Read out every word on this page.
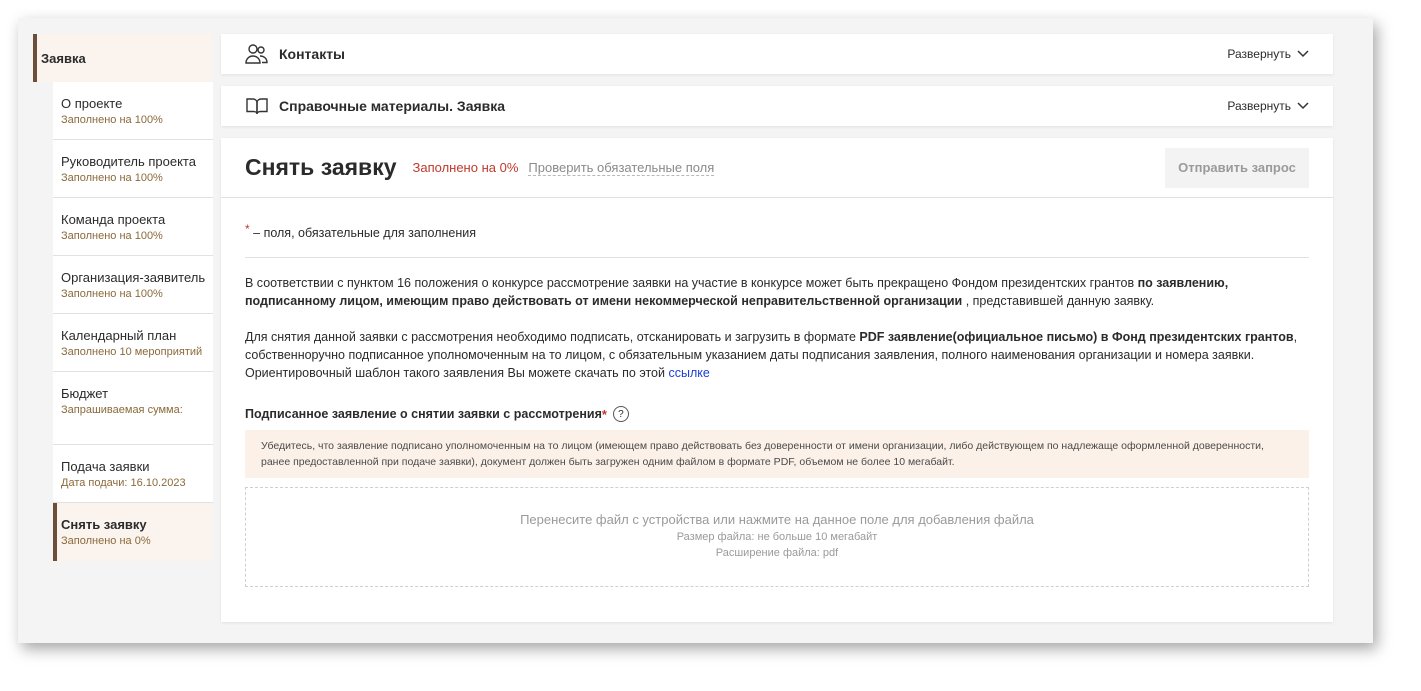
Заявка
О проекте
Заполнено на 100%
Руководитель проекта
Заполнено на 100%
Команда проекта
Заполнено на 100%
Организация-заявитель
Заполнено на 100%
Календарный план
Заполнено 10 мероприятий
Бюджет
Запрашиваемая сумма:
Подача заявки
Дата подачи: 16.10.2023
Снять заявку
Заполнено на 0%
Контакты	Развернуть
Справочные материалы. Заявка	Развернуть
Снять заявку Заполнено на 0% Проверить обязательные поля	Отправить запрос
* – поля, обязательные для заполнения

В соответствии с пунктом 16 положения о конкурсе рассмотрение заявки на участие в конкурсе может быть прекращено Фондом президентских грантов по заявлению, подписанному лицом, имеющим право действовать от имени некоммерческой неправительственной организации , представившей данную заявку.

Для снятия данной заявки с рассмотрения необходимо подписать, отсканировать и загрузить в формате PDF заявление(официальное письмо) в Фонд президентских грантов, собственноручно подписанное уполномоченным на то лицом, с обязательным указанием даты подписания заявления, полного наименования организации и номера заявки. Ориентировочный шаблон такого заявления Вы можете скачать по этой ссылке

Подписанное заявление о снятии заявки с рассмотрения *	?
Убедитесь, что заявление подписано уполномоченным на то лицом (имеющем право действовать без доверенности от имени организации, либо действующем по надлежаще оформленной доверенности, ранее предоставленной при подаче заявки), документ должен быть загружен одним файлом в формате PDF, объемом не более 10 мегабайт.
Перенесите файл с устройства или нажмите на данное поле для добавления файла
Размер файла: не больше 10 мегабайт
Расширение файла: pdf
